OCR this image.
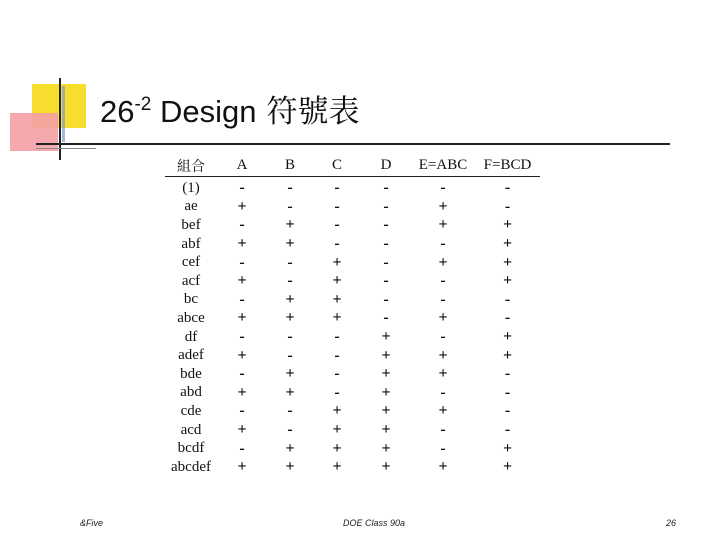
$26^{-2}$ Design 符號表
組合	A	B	C	D	E=ABC	F=BCD
(1)	-	-	-	-	-	-
ae	+	-	-	-	+	-
bef	-	+	-	-	+	+
abf	+	+	-	-	-	+
cef	-	-	+	-	+	+
acf	+	-	+	-	-	+
bc	-	+	+	-	-	-
abce	+	+	+	-	+	-
df	-	-	-	+	-	+
adef	+	-	-	+	+	+
bde	-	+	-	+	+	-
abd	+	+	-	+	-	-
cde	-	-	+	+	+	-
acd	+	-	+	+	-	-
bcdf	-	+	+	+	-	+
abcdef	+	+	+	+	+	+
&Five	DOE Class 90a	26
